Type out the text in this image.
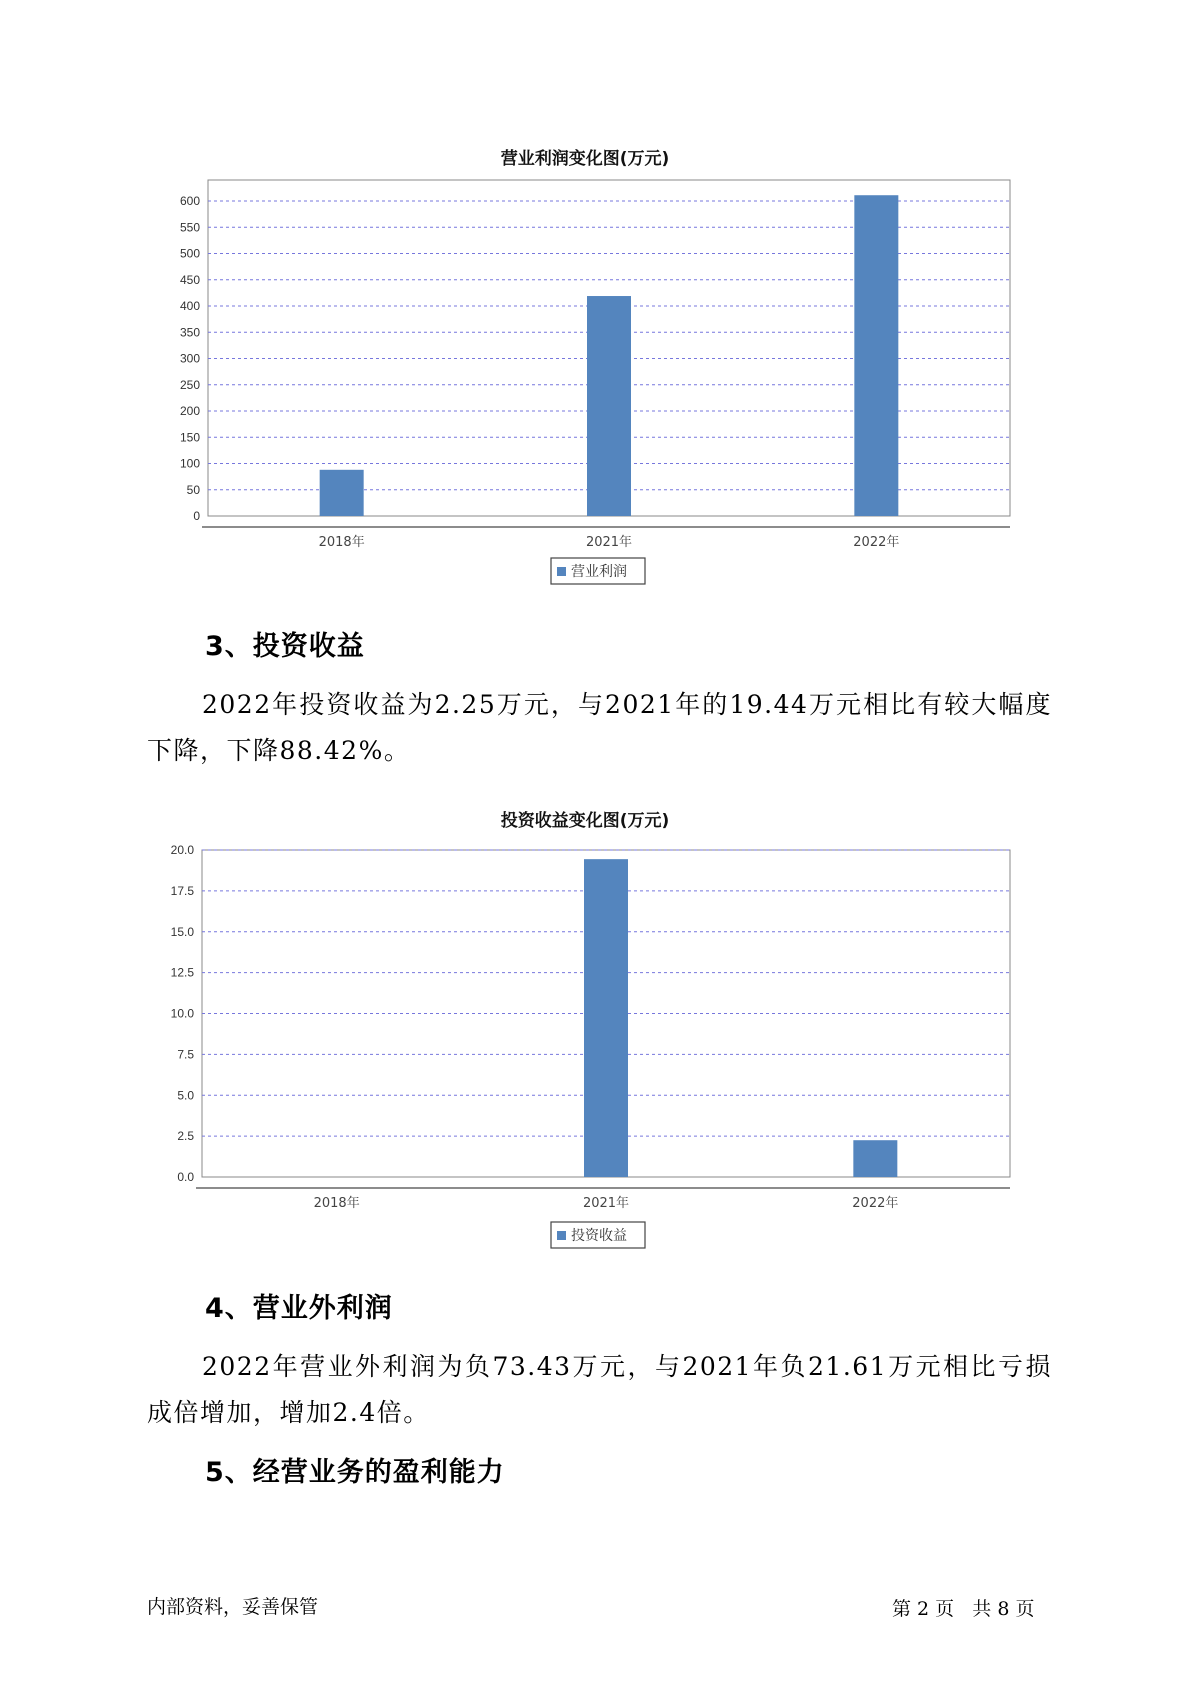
营业利润变化图(万元)
0
50
100
150
200
250
300
350
400
450
500
550
600
2018年	2021年	2022年
营业利润
3、投资收益

2022年投资收益为2.25万元，与2021年的19.44万元相比有较大幅度下降，下降88.42%。

投资收益变化图(万元)
0.0
2.5
5.0
7.5
10.0
12.5
15.0
17.5
20.0
2018年	2021年	2022年
投资收益
4、营业外利润

2022年营业外利润为负73.43万元，与2021年负21.61万元相比亏损成倍增加，增加2.4倍。

5、经营业务的盈利能力
内部资料，妥善保管	第 2 页 共 8 页
